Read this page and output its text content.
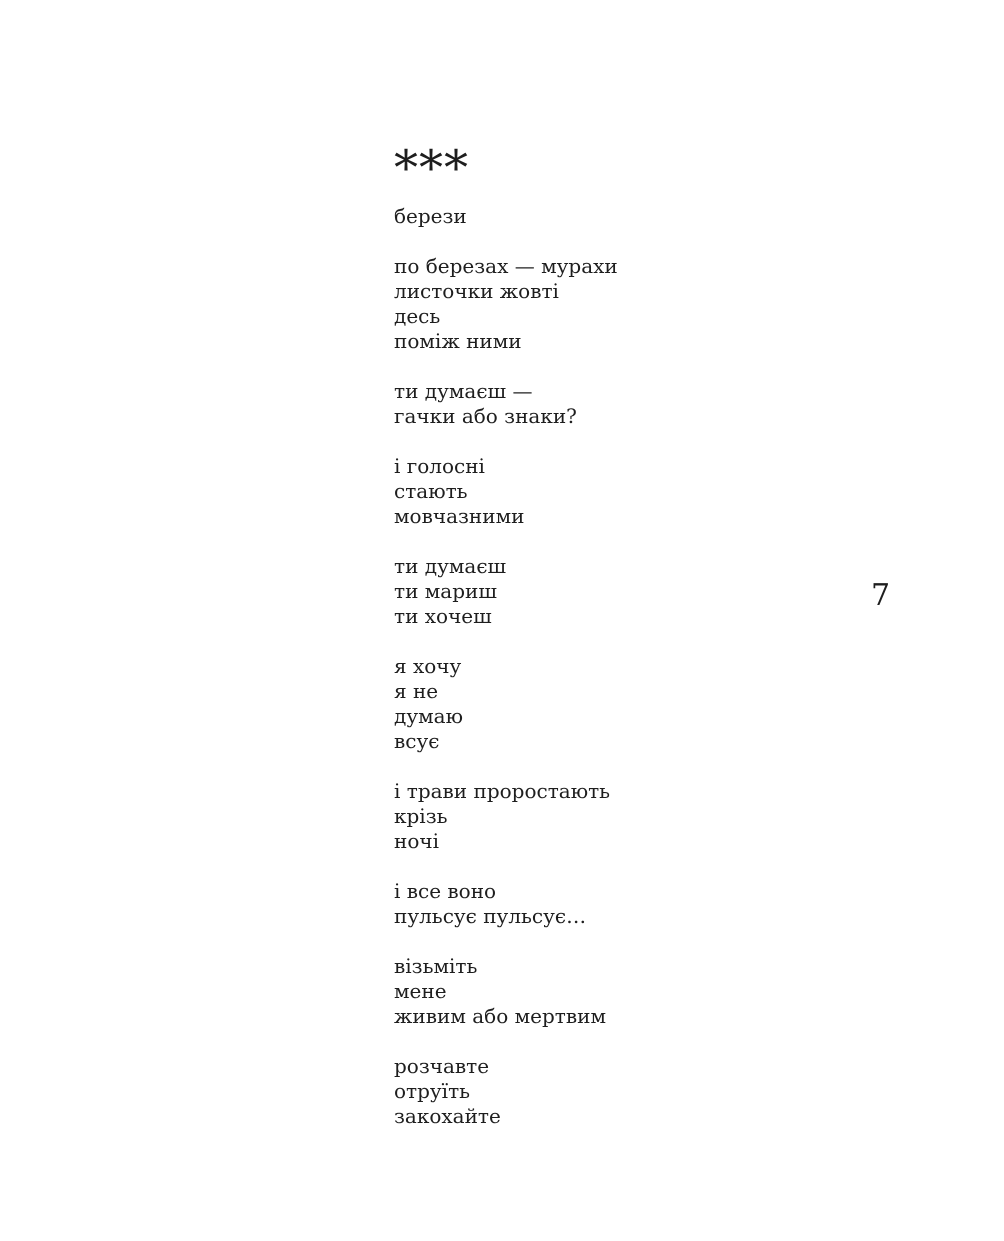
***
берези
по березах — мурахи
листочки жовті
десь
поміж ними
ти думаєш —
гачки або знаки?
і голосні
стають
мовчазними
ти думаєш
ти мариш
ти хочеш
я хочу
я не
думаю
всує
і трави проростають
крізь
ночі
і все воно
пульсує пульсує…
візьміть
мене
живим або мертвим
розчавте
отруїть
закохайте
7
